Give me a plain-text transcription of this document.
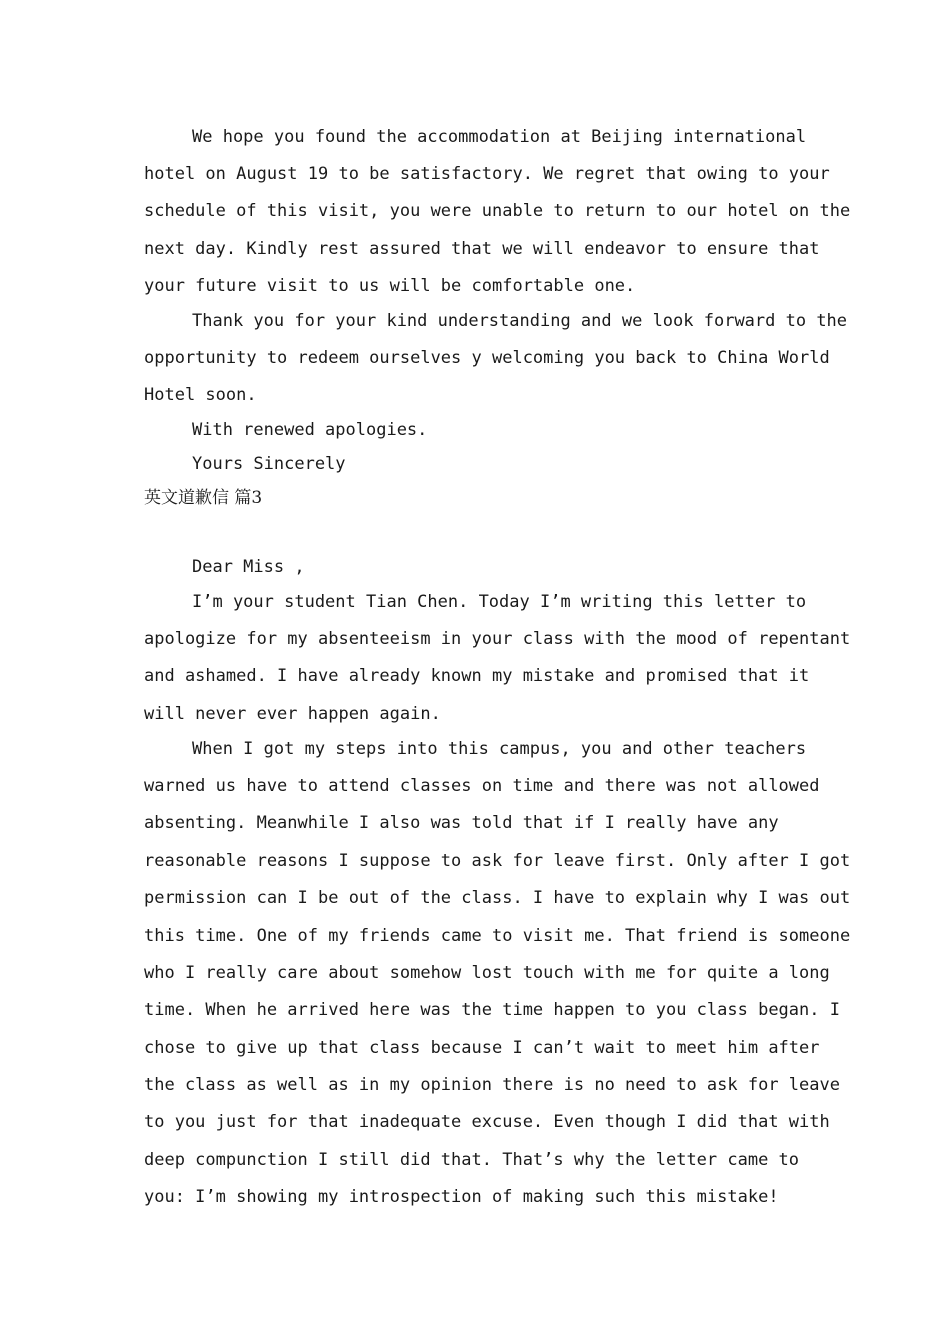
We hope you found the accommodation at Beijing international
hotel on August 19 to be satisfactory. We regret that owing to your
schedule of this visit, you were unable to return to our hotel on the
next day. Kindly rest assured that we will endeavor to ensure that
your future visit to us will be comfortable one.
Thank you for your kind understanding and we look forward to the
opportunity to redeem ourselves y welcoming you back to China World
Hotel soon.
With renewed apologies.
Yours Sincerely
英文道歉信 篇3
Dear Miss ,
I’m your student Tian Chen. Today I’m writing this letter to
apologize for my absenteeism in your class with the mood of repentant
and ashamed. I have already known my mistake and promised that it
will never ever happen again.
When I got my steps into this campus, you and other teachers
warned us have to attend classes on time and there was not allowed
absenting. Meanwhile I also was told that if I really have any
reasonable reasons I suppose to ask for leave first. Only after I got
permission can I be out of the class. I have to explain why I was out
this time. One of my friends came to visit me. That friend is someone
who I really care about somehow lost touch with me for quite a long
time. When he arrived here was the time happen to you class began. I
chose to give up that class because I can’t wait to meet him after
the class as well as in my opinion there is no need to ask for leave
to you just for that inadequate excuse. Even though I did that with
deep compunction I still did that. That’s why the letter came to
you: I’m showing my introspection of making such this mistake!
